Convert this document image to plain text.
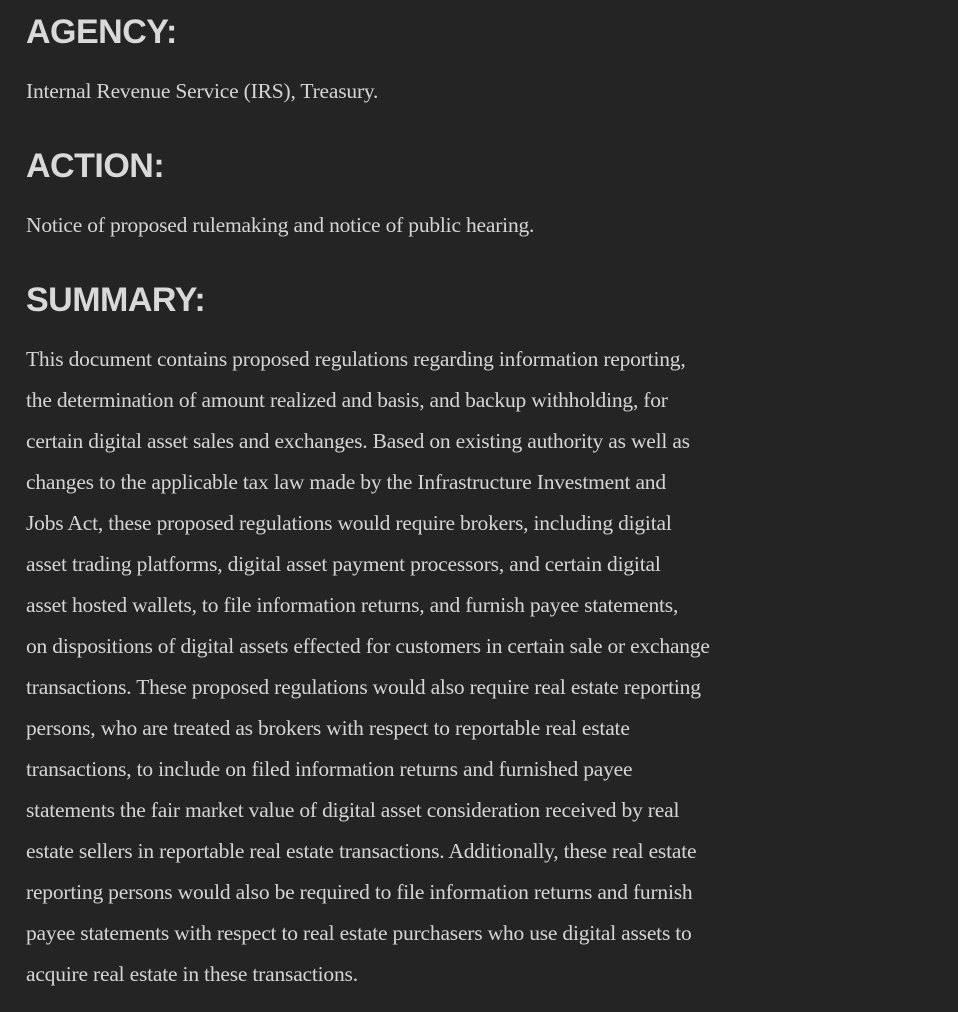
AGENCY:
Internal Revenue Service (IRS), Treasury.
ACTION:
Notice of proposed rulemaking and notice of public hearing.
SUMMARY:
This document contains proposed regulations regarding information reporting,
the determination of amount realized and basis, and backup withholding, for
certain digital asset sales and exchanges. Based on existing authority as well as
changes to the applicable tax law made by the Infrastructure Investment and
Jobs Act, these proposed regulations would require brokers, including digital
asset trading platforms, digital asset payment processors, and certain digital
asset hosted wallets, to file information returns, and furnish payee statements,
on dispositions of digital assets effected for customers in certain sale or exchange
transactions. These proposed regulations would also require real estate reporting
persons, who are treated as brokers with respect to reportable real estate
transactions, to include on filed information returns and furnished payee
statements the fair market value of digital asset consideration received by real
estate sellers in reportable real estate transactions. Additionally, these real estate
reporting persons would also be required to file information returns and furnish
payee statements with respect to real estate purchasers who use digital assets to
acquire real estate in these transactions.
